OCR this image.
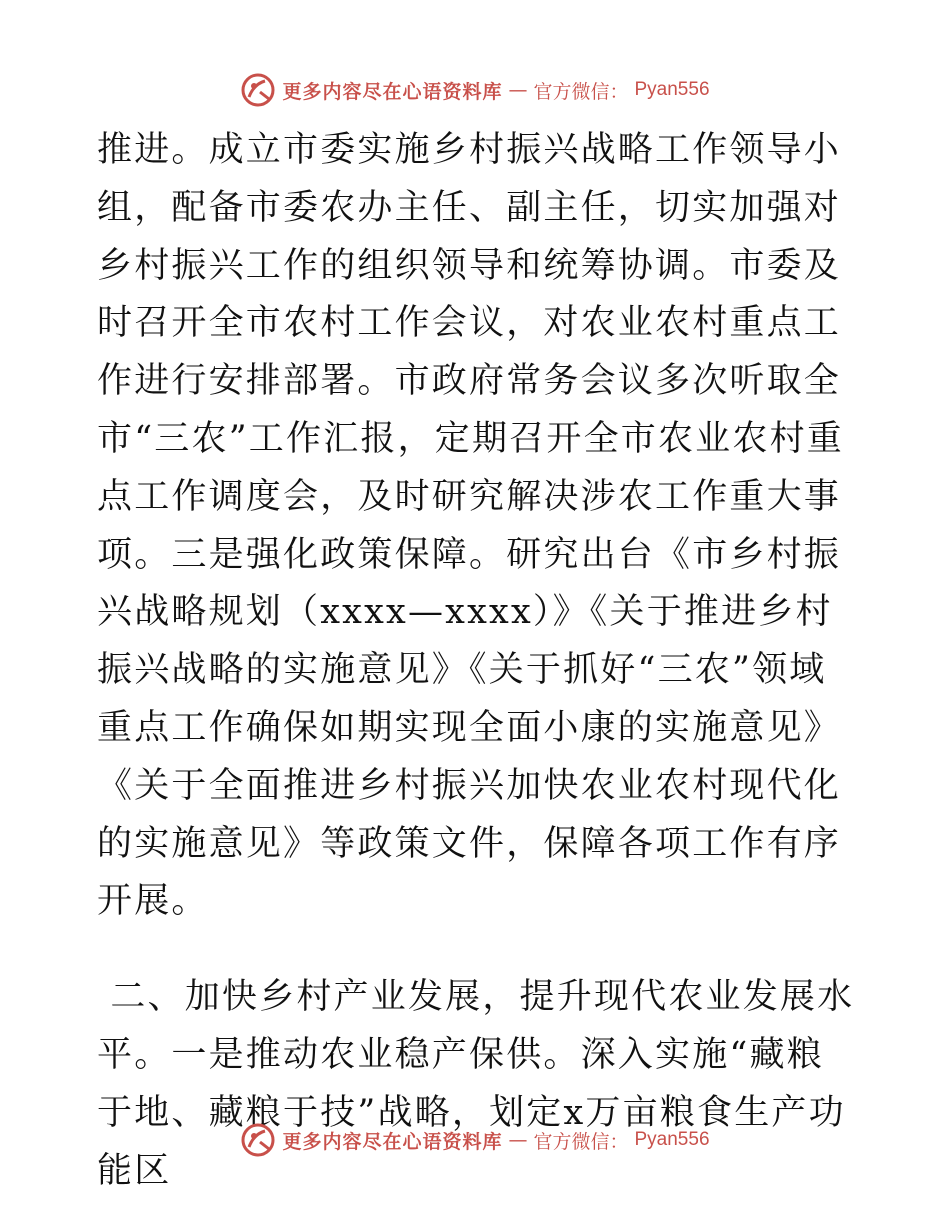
更多内容尽在心语资料库 — 官方微信： Pyan556

推进。成立市委实施乡村振兴战略工作领导小组，配备市委农办主任、副主任，切实加强对乡村振兴工作的组织领导和统筹协调。市委及时召开全市农村工作会议，对农业农村重点工作进行安排部署。市政府常务会议多次听取全市“三农”工作汇报，定期召开全市农业农村重点工作调度会，及时研究解决涉农工作重大事项。三是强化政策保障。研究出台《市乡村振兴战略规划（xxxx—xxxx）》《关于推进乡村振兴战略的实施意见》《关于抓好“三农”领域重点工作确保如期实现全面小康的实施意见》《关于全面推进乡村振兴加快农业农村现代化的实施意见》等政策文件，保障各项工作有序开展。

二、加快乡村产业发展，提升现代农业发展水平。一是推动农业稳产保供。深入实施“藏粮于地、藏粮于技”战略，划定x万亩粮食生产功能区

更多内容尽在心语资料库 — 官方微信： Pyan556
